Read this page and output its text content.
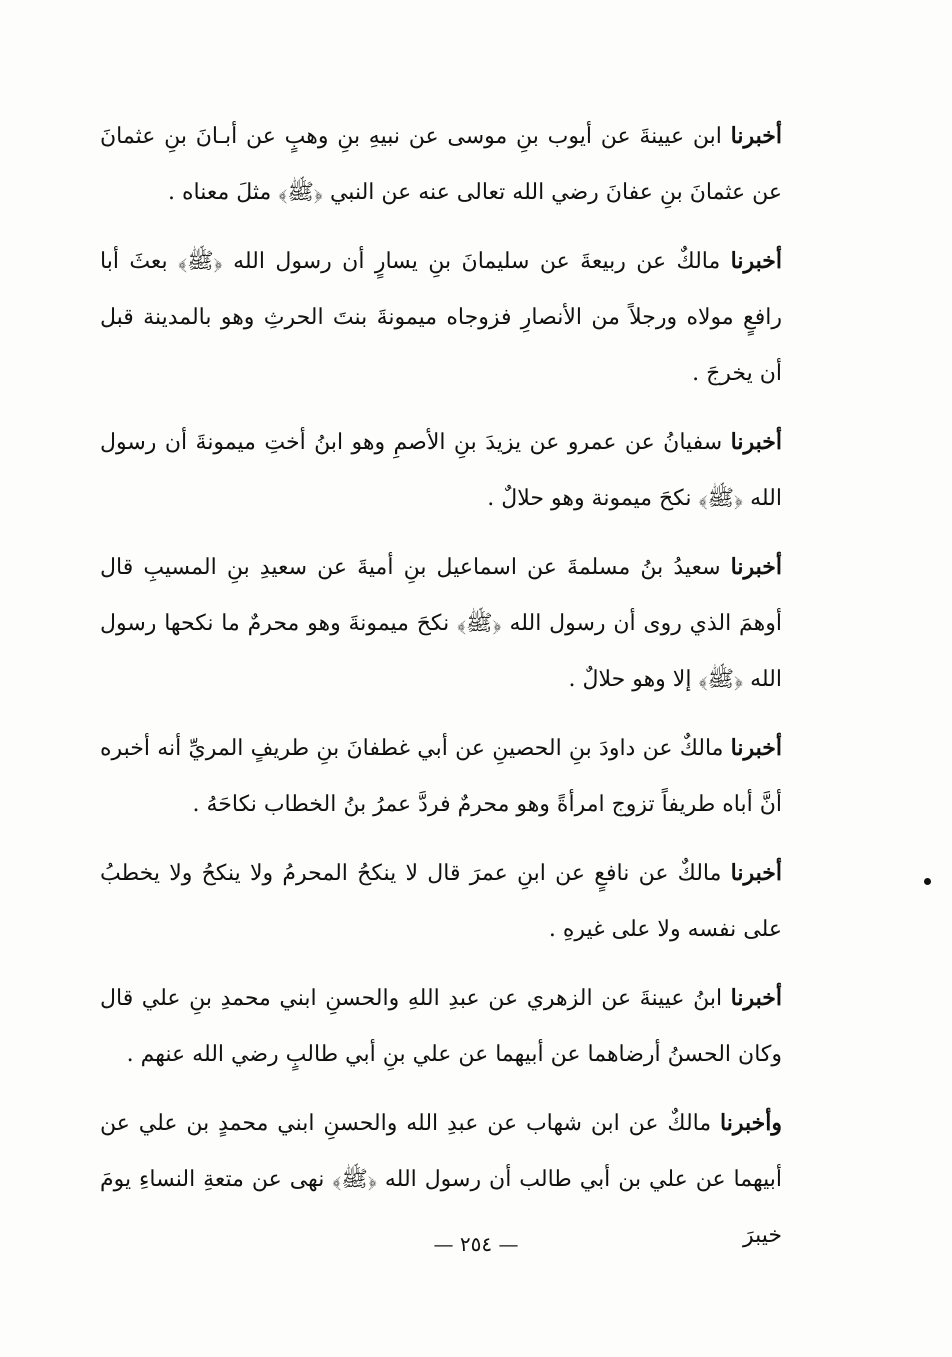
أخبرنا ابن عيينةَ عن أيوب بنِ موسى عن نبيهِ بنِ وهبٍ عن أبـانَ بنِ عثمانَ عن عثمانَ بنِ عفانَ رضي الله تعالى عنه عن النبي ﴿ﷺ﴾ مثلَ معناه .

أخبرنا مالكٌ عن ربيعةَ عن سليمانَ بنِ يسارٍ أن رسول الله ﴿ﷺ﴾ بعثَ أبا رافعٍ مولاه ورجلاً من الأنصارِ فزوجاه ميمونةَ بنتَ الحرثِ وهو بالمدينة قبل أن يخرجَ .

أخبرنا سفيانُ عن عمرو عن يزيدَ بنِ الأصمِ وهو ابنُ أختِ ميمونةَ أن رسول الله ﴿ﷺ﴾ نكحَ ميمونة وهو حلالٌ .

أخبرنا سعيدُ بنُ مسلمةَ عن اسماعيل بنِ أميةَ عن سعيدِ بنِ المسيبِ قال أوهمَ الذي روى أن رسول الله ﴿ﷺ﴾ نكحَ ميمونةَ وهو محرمٌ ما نكحها رسول الله ﴿ﷺ﴾ إلا وهو حلالٌ .

أخبرنا مالكٌ عن داودَ بنِ الحصينِ عن أبي غطفانَ بنِ طريفٍ المريِّ أنه أخبره أنَّ أباه طريفاً تزوج امرأةً وهو محرمٌ فردَّ عمرُ بنُ الخطاب نكاحَهُ .

أخبرنا مالكٌ عن نافعٍ عن ابنِ عمرَ قال لا ينكحُ المحرمُ ولا ينكحُ ولا يخطبُ على نفسه ولا على غيرهِ .

أخبرنا ابنُ عيينةَ عن الزهري عن عبدِ اللهِ والحسنِ ابني محمدِ بنِ علي قال وكان الحسنُ أرضاهما عن أبيهما عن علي بنِ أبي طالبٍ رضي الله عنهم .

وأخبرنا مالكٌ عن ابن شهاب عن عبدِ الله والحسنِ ابني محمدٍ بن علي عن أبيهما عن علي بن أبي طالب أن رسول الله ﴿ﷺ﴾ نهى عن متعةِ النساءِ يومَ خيبرَ

— ٢٥٤ —
